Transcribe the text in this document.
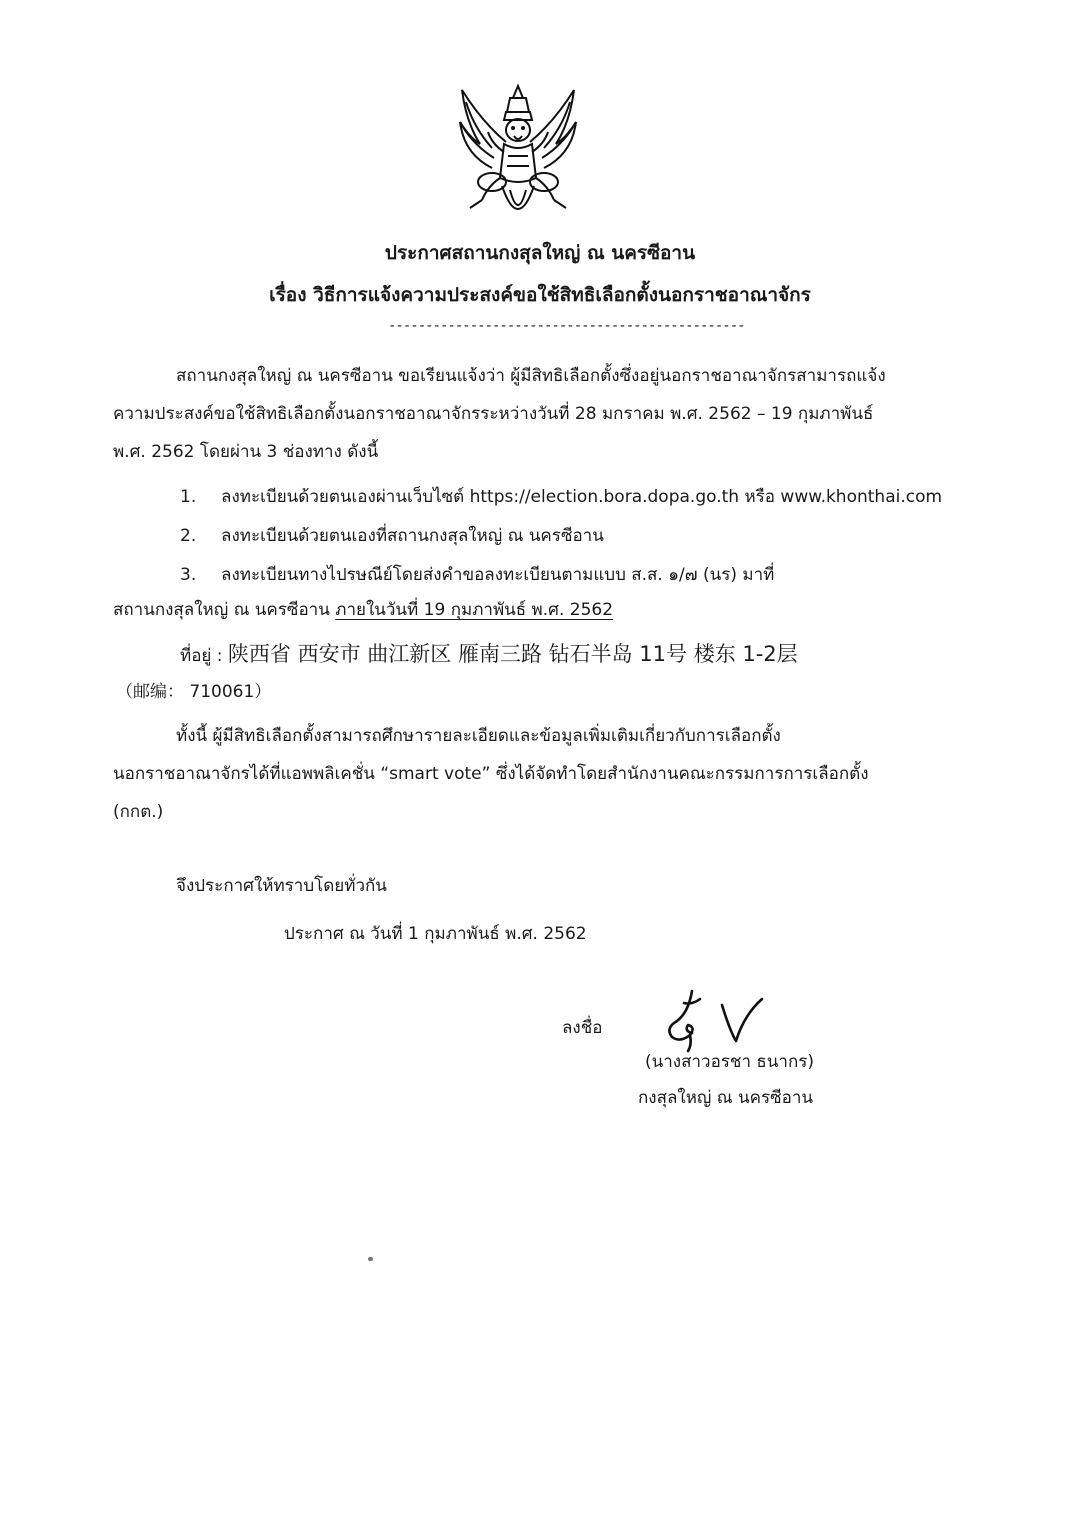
ประกาศสถานกงสุลใหญ่ ณ นครซีอาน
เรื่อง วิธีการแจ้งความประสงค์ขอใช้สิทธิเลือกตั้งนอกราชอาณาจักร
------------------------------------------------
สถานกงสุลใหญ่ ณ นครซีอาน ขอเรียนแจ้งว่า ผู้มีสิทธิเลือกตั้งซึ่งอยู่นอกราชอาณาจักรสามารถแจ้ง
ความประสงค์ขอใช้สิทธิเลือกตั้งนอกราชอาณาจักรระหว่างวันที่ 28 มกราคม พ.ศ. 2562 – 19 กุมภาพันธ์
พ.ศ. 2562 โดยผ่าน 3 ช่องทาง ดังนี้
1. ลงทะเบียนด้วยตนเองผ่านเว็บไซต์ https://election.bora.dopa.go.th หรือ www.khonthai.com
2. ลงทะเบียนด้วยตนเองที่สถานกงสุลใหญ่ ณ นครซีอาน
3. ลงทะเบียนทางไปรษณีย์โดยส่งคำขอลงทะเบียนตามแบบ ส.ส. ๑/๗ (นร) มาที่
สถานกงสุลใหญ่ ณ นครซีอาน ภายในวันที่ 19 กุมภาพันธ์ พ.ศ. 2562
ที่อยู่ : 陕西省 西安市 曲江新区 雁南三路 钻石半岛 11号 楼东 1-2层
（邮编： 710061）
ทั้งนี้ ผู้มีสิทธิเลือกตั้งสามารถศึกษารายละเอียดและข้อมูลเพิ่มเติมเกี่ยวกับการเลือกตั้ง
นอกราชอาณาจักรได้ที่แอพพลิเคชั่น “smart vote” ซึ่งได้จัดทำโดยสำนักงานคณะกรรมการการเลือกตั้ง
(กกต.)
จึงประกาศให้ทราบโดยทั่วกัน
ประกาศ ณ วันที่ 1 กุมภาพันธ์ พ.ศ. 2562
ลงชื่อ
(นางสาวอรชา ธนากร)
กงสุลใหญ่ ณ นครซีอาน
